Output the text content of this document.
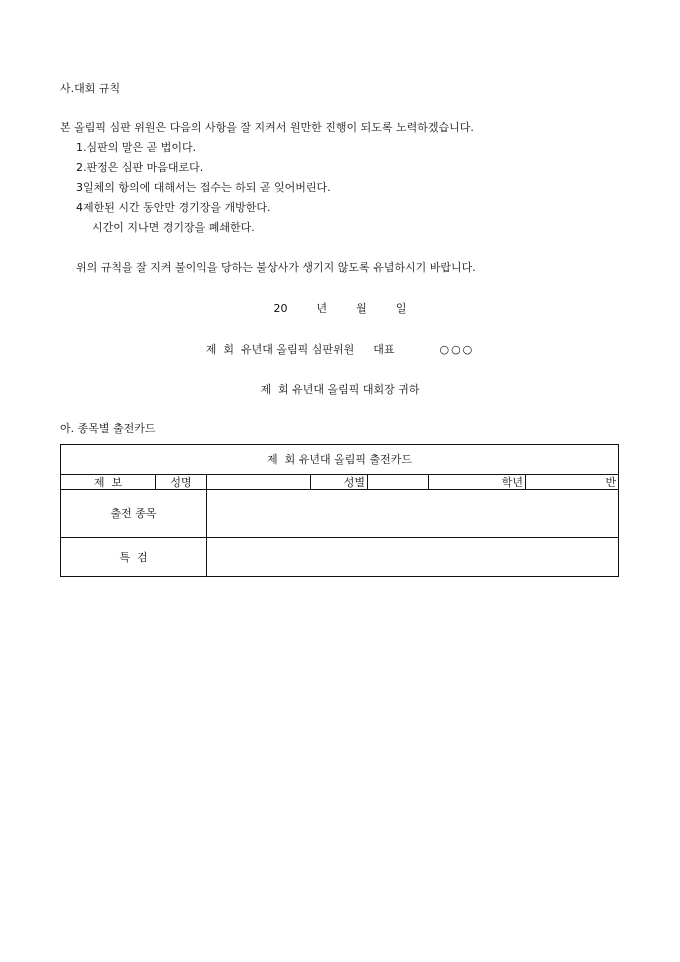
사.대회 규칙
본 올림픽 심판 위원은 다음의 사항을 잘 지켜서 원만한 진행이 되도록 노력하겠습니다.
1.심판의 말은 곧 법이다.
2.판정은 심판 마음대로다.
3일체의 항의에 대해서는 접수는 하되 곧 잊어버린다.
4제한된 시간 동안만 경기장을 개방한다.
시간이 지나면 경기장을 폐쇄한다.
위의 규칙을 잘 지켜 불이익을 당하는 불상사가 생기지 않도록 유념하시기 바랍니다.
20	년	월	일
제  회  유년대 올림픽 심판위원 대표	○○○
제  회 유년대 올림픽 대회장 귀하
아. 종목별 출전카드
제  회 유년대 올림픽 출전카드						
제  보	성명		성별		학년	반
출전 종목						
특  검						
